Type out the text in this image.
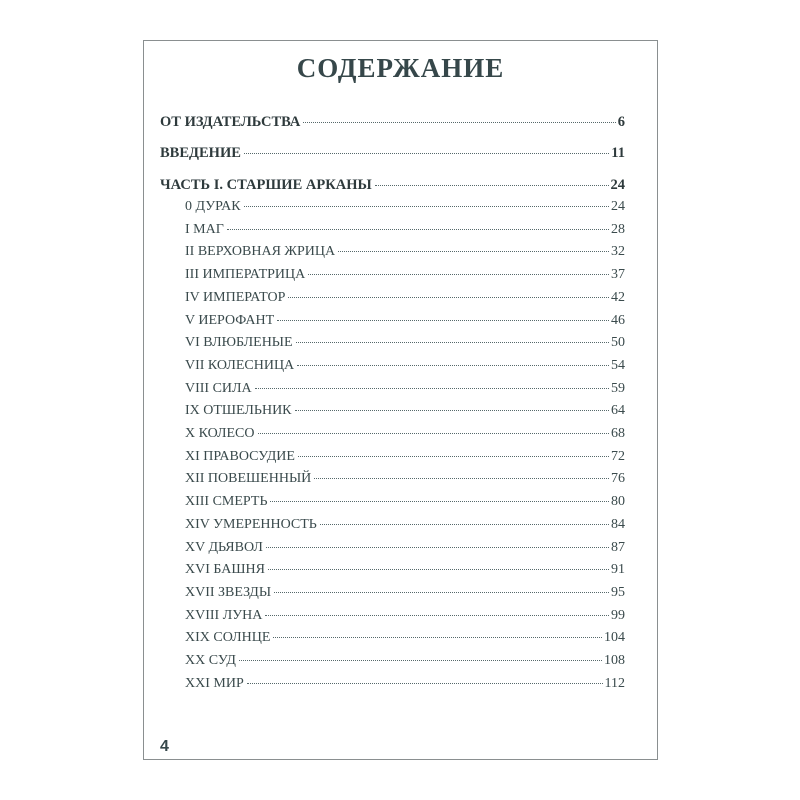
СОДЕРЖАНИЕ
ОТ ИЗДАТЕЛЬСТВА	6
ВВЕДЕНИЕ	11
ЧАСТЬ I. СТАРШИЕ АРКАНЫ	24
0 ДУРАК	24
I МАГ	28
II ВЕРХОВНАЯ ЖРИЦА	32
III ИМПЕРАТРИЦА	37
IV ИМПЕРАТОР	42
V ИЕРОФАНТ	46
VI ВЛЮБЛЕНЫЕ	50
VII КОЛЕСНИЦА	54
VIII СИЛА	59
IX ОТШЕЛЬНИК	64
X КОЛЕСО	68
XI ПРАВОСУДИЕ	72
XII ПОВЕШЕННЫЙ	76
XIII СМЕРТЬ	80
XIV УМЕРЕННОСТЬ	84
XV ДЬЯВОЛ	87
XVI БАШНЯ	91
XVII ЗВЕЗДЫ	95
XVIII ЛУНА	99
XIX СОЛНЦЕ	104
XX СУД	108
XXI МИР	112
4
